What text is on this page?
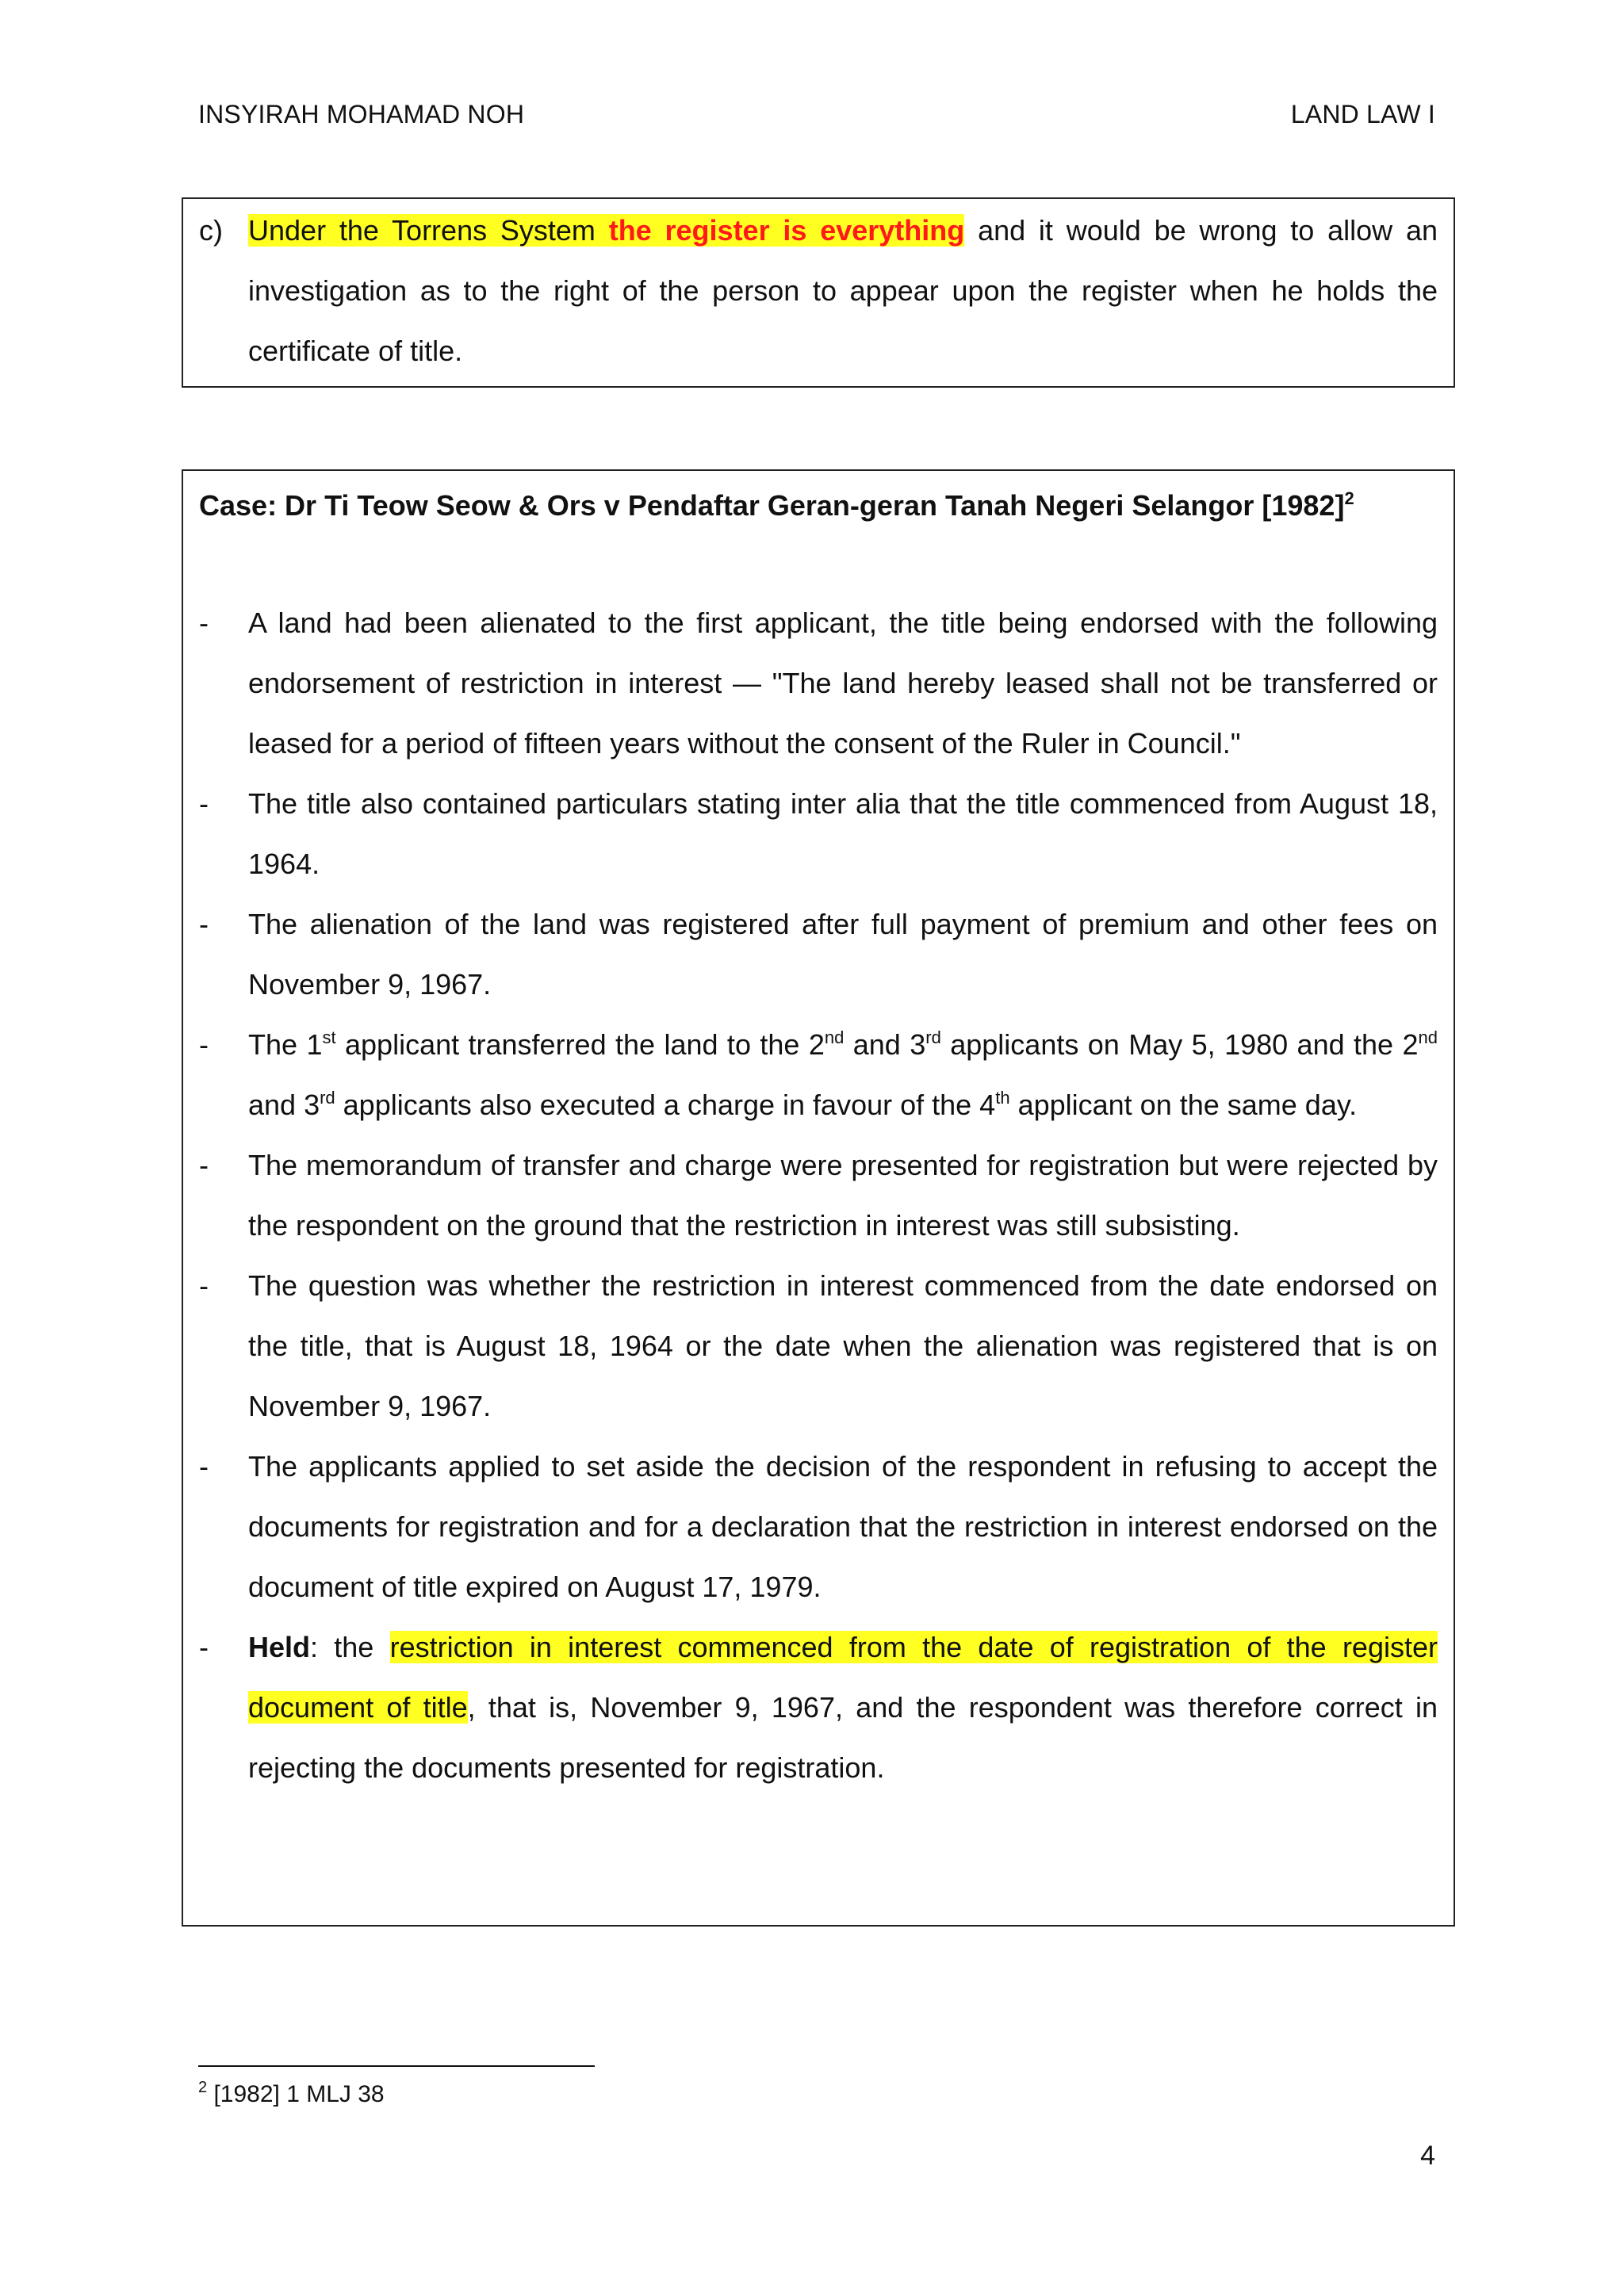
INSYIRAH MOHAMAD NOH	LAND LAW I
c) Under the Torrens System the register is everything and it would be wrong to allow an investigation as to the right of the person to appear upon the register when he holds the certificate of title.
Case: Dr Ti Teow Seow & Ors v Pendaftar Geran-geran Tanah Negeri Selangor $[1982]^2$
-	A land had been alienated to the first applicant, the title being endorsed with the following endorsement of restriction in interest — "The land hereby leased shall not be transferred or leased for a period of fifteen years without the consent of the Ruler in Council."
-	The title also contained particulars stating inter alia that the title commenced from August 18, 1964.
-	The alienation of the land was registered after full payment of premium and other fees on November 9, 1967.
-	The 1st applicant transferred the land to the 2nd and 3rd applicants on May 5, 1980 and the 2nd and 3rd applicants also executed a charge in favour of the 4th applicant on the same day.
-	The memorandum of transfer and charge were presented for registration but were rejected by the respondent on the ground that the restriction in interest was still subsisting.
-	The question was whether the restriction in interest commenced from the date endorsed on the title, that is August 18, 1964 or the date when the alienation was registered that is on November 9, 1967.
-	The applicants applied to set aside the decision of the respondent in refusing to accept the documents for registration and for a declaration that the restriction in interest endorsed on the document of title expired on August 17, 1979.
-	Held: the restriction in interest commenced from the date of registration of the register document of title, that is, November 9, 1967, and the respondent was therefore correct in rejecting the documents presented for registration.
$^2$ [1982] 1 MLJ 38
4
